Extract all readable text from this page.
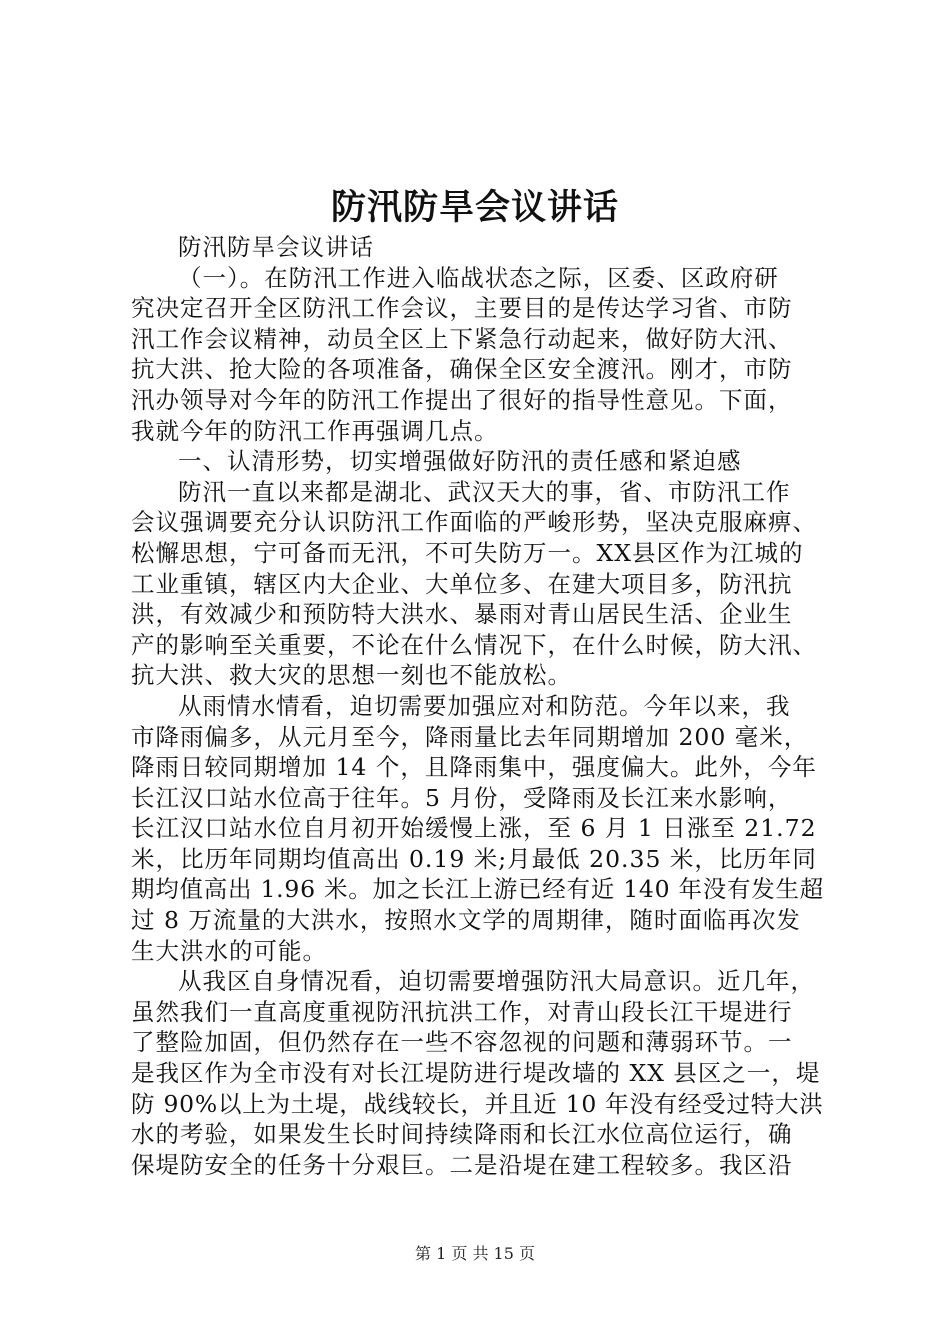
防汛防旱会议讲话
防汛防旱会议讲话
（一）。在防汛工作进入临战状态之际，区委、区政府研
究决定召开全区防汛工作会议，主要目的是传达学习省、市防
汛工作会议精神，动员全区上下紧急行动起来，做好防大汛、
抗大洪、抢大险的各项准备，确保全区安全渡汛。刚才，市防
汛办领导对今年的防汛工作提出了很好的指导性意见。下面，
我就今年的防汛工作再强调几点。
一、认清形势，切实增强做好防汛的责任感和紧迫感
防汛一直以来都是湖北、武汉天大的事，省、市防汛工作
会议强调要充分认识防汛工作面临的严峻形势，坚决克服麻痹、
松懈思想，宁可备而无汛，不可失防万一。XX县区作为江城的
工业重镇，辖区内大企业、大单位多、在建大项目多，防汛抗
洪，有效减少和预防特大洪水、暴雨对青山居民生活、企业生
产的影响至关重要，不论在什么情况下，在什么时候，防大汛、
抗大洪、救大灾的思想一刻也不能放松。
从雨情水情看，迫切需要加强应对和防范。今年以来，我
市降雨偏多，从元月至今，降雨量比去年同期增加 200 毫米，
降雨日较同期增加 14 个，且降雨集中，强度偏大。此外，今年
长江汉口站水位高于往年。5 月份，受降雨及长江来水影响，
长江汉口站水位自月初开始缓慢上涨，至 6 月 1 日涨至 21.72
米，比历年同期均值高出 0.19 米;月最低 20.35 米，比历年同
期均值高出 1.96 米。加之长江上游已经有近 140 年没有发生超
过 8 万流量的大洪水，按照水文学的周期律，随时面临再次发
生大洪水的可能。
从我区自身情况看，迫切需要增强防汛大局意识。近几年，
虽然我们一直高度重视防汛抗洪工作，对青山段长江干堤进行
了整险加固，但仍然存在一些不容忽视的问题和薄弱环节。一
是我区作为全市没有对长江堤防进行堤改墙的 XX 县区之一，堤
防 90%以上为土堤，战线较长，并且近 10 年没有经受过特大洪
水的考验，如果发生长时间持续降雨和长江水位高位运行，确
保堤防安全的任务十分艰巨。二是沿堤在建工程较多。我区沿
第 1 页 共 15 页
